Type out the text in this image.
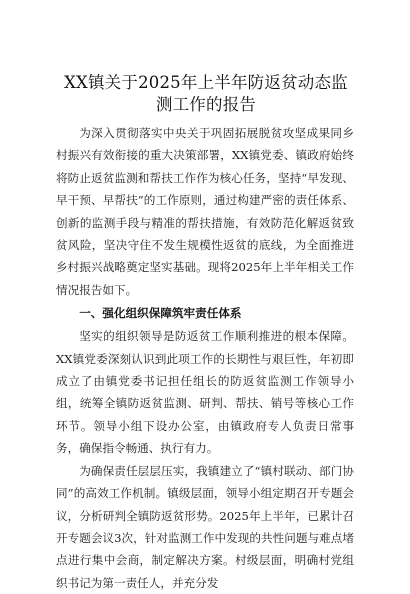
XX镇关于2025年上半年防返贫动态监测工作的报告

为深入贯彻落实中央关于巩固拓展脱贫攻坚成果同乡村振兴有效衔接的重大决策部署，XX镇党委、镇政府始终将防止返贫监测和帮扶工作作为核心任务，坚持“早发现、早干预、早帮扶”的工作原则，通过构建严密的责任体系、创新的监测手段与精准的帮扶措施，有效防范化解返贫致贫风险，坚决守住不发生规模性返贫的底线，为全面推进乡村振兴战略奠定坚实基础。现将2025年上半年相关工作情况报告如下。

一、强化组织保障筑牢责任体系

坚实的组织领导是防返贫工作顺利推进的根本保障。XX镇党委深刻认识到此项工作的长期性与艰巨性，年初即成立了由镇党委书记担任组长的防返贫监测工作领导小组，统筹全镇防返贫监测、研判、帮扶、销号等核心工作环节。领导小组下设办公室，由镇政府专人负责日常事务，确保指令畅通、执行有力。

为确保责任层层压实，我镇建立了“镇村联动、部门协同”的高效工作机制。镇级层面，领导小组定期召开专题会议，分析研判全镇防返贫形势。2025年上半年，已累计召开专题会议3次，针对监测工作中发现的共性问题与难点堵点进行集中会商，制定解决方案。村级层面，明确村党组织书记为第一责任人，并充分发
